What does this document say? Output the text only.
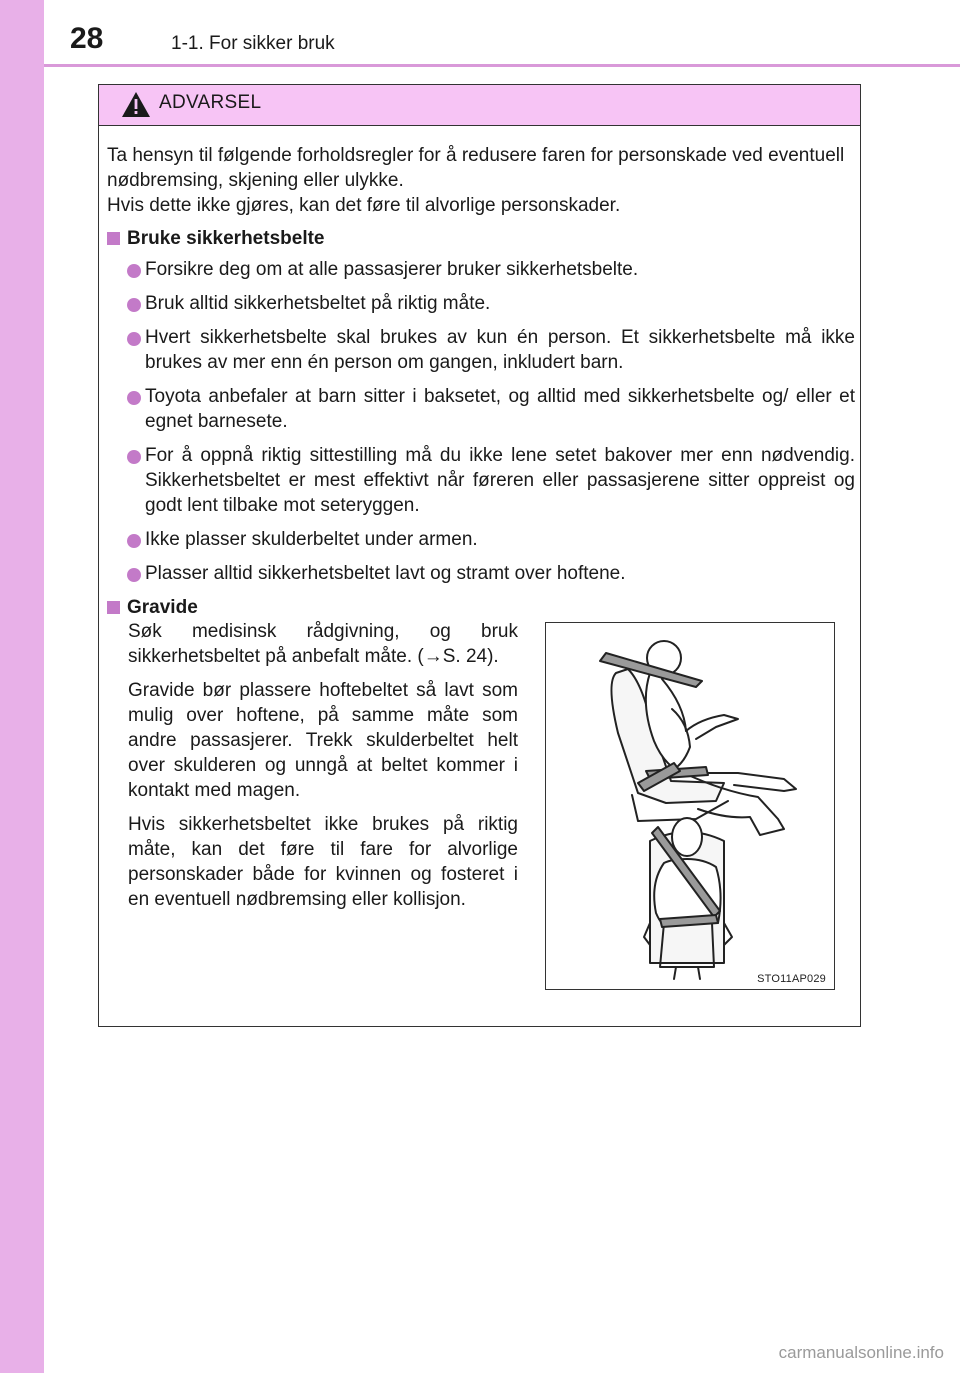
28	1-1. For sikker bruk
ADVARSEL

Ta hensyn til følgende forholdsregler for å redusere faren for personskade ved eventuell nødbremsing, skjening eller ulykke.
Hvis dette ikke gjøres, kan det føre til alvorlige personskader.

Bruke sikkerhetsbelte
Forsikre deg om at alle passasjerer bruker sikkerhetsbelte.
Bruk alltid sikkerhetsbeltet på riktig måte.
Hvert sikkerhetsbelte skal brukes av kun én person. Et sikkerhetsbelte må ikke brukes av mer enn én person om gangen, inkludert barn.
Toyota anbefaler at barn sitter i baksetet, og alltid med sikkerhetsbelte og/ eller et egnet barnesete.
For å oppnå riktig sittestilling må du ikke lene setet bakover mer enn nødvendig. Sikkerhetsbeltet er mest effektivt når føreren eller passasjerene sitter oppreist og godt lent tilbake mot seteryggen.
Ikke plasser skulderbeltet under armen.
Plasser alltid sikkerhetsbeltet lavt og stramt over hoftene.
Gravide

Søk medisinsk rådgivning, og bruk sikkerhetsbeltet på anbefalt måte. (→S. 24).

Gravide bør plassere hoftebeltet så lavt som mulig over hoftene, på samme måte som andre passasjerer. Trekk skulderbeltet helt over skulderen og unngå at beltet kommer i kontakt med magen.

Hvis sikkerhetsbeltet ikke brukes på riktig måte, kan det føre til fare for alvorlige personskader både for kvinnen og fosteret i en eventuell nødbremsing eller kollisjon.

STO11AP029
carmanualsonline.info
